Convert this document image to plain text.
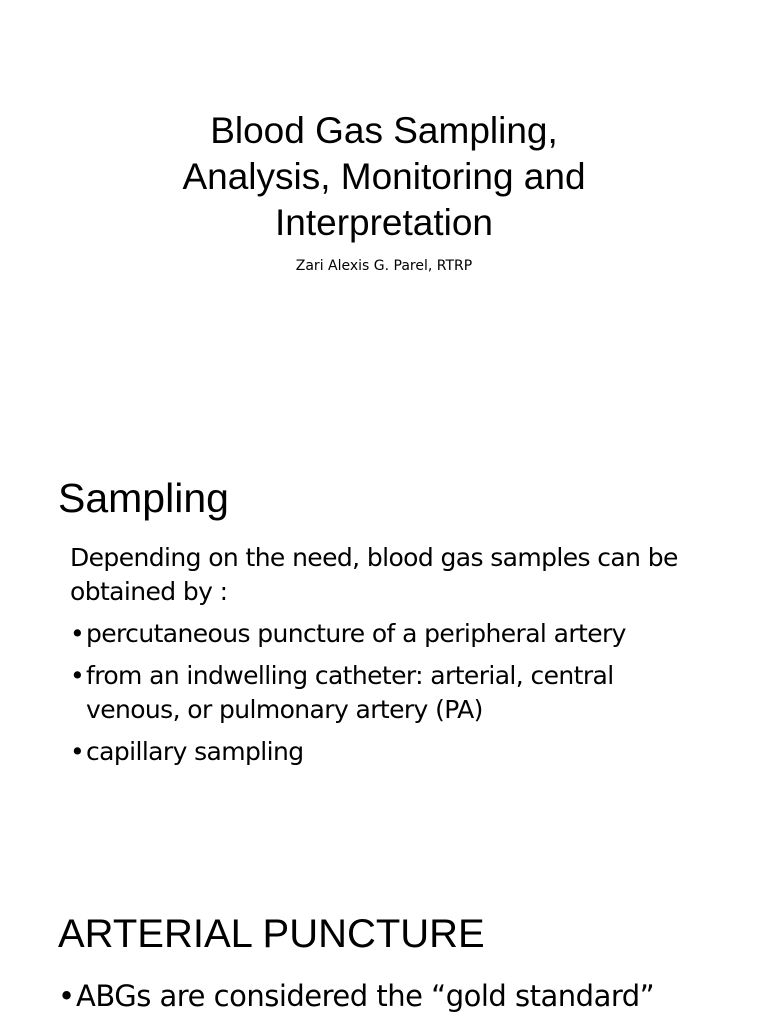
Blood Gas Sampling,
Analysis, Monitoring and
Interpretation
Zari Alexis G. Parel, RTRP
Sampling
Depending on the need, blood gas samples can be obtained by :
• percutaneous puncture of a peripheral artery
• from an indwelling catheter: arterial, central venous, or pulmonary artery (PA)
• capillary sampling
ARTERIAL PUNCTURE
• ABGs are considered the “gold standard”
